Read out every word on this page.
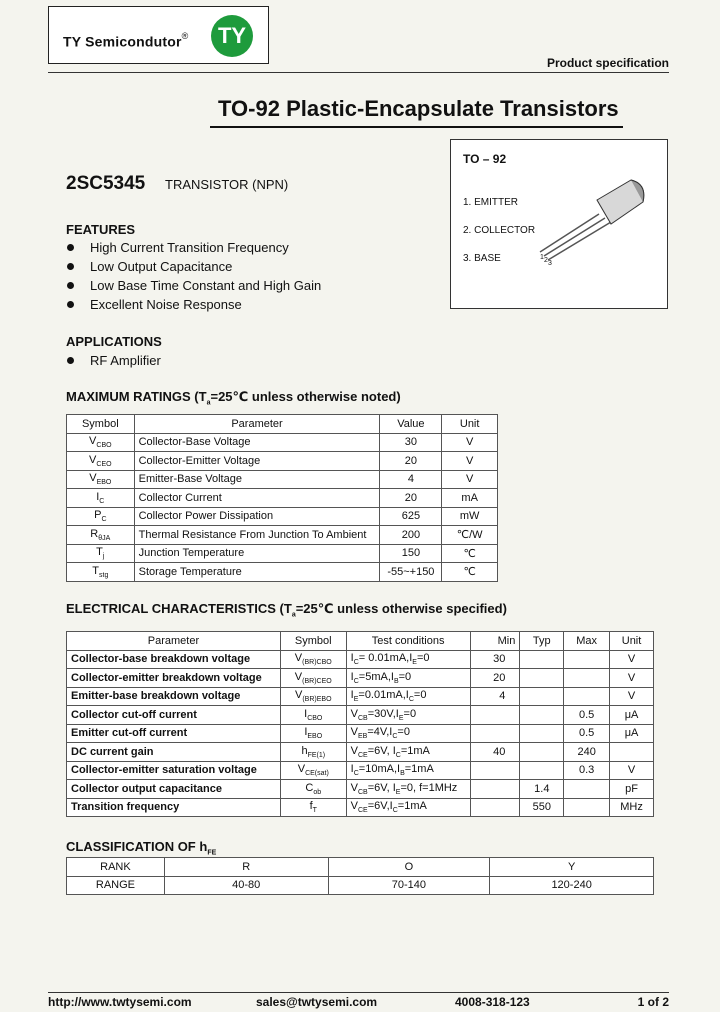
TY Semicondutor®	TY
Product specification
TO-92 Plastic-Encapsulate Transistors
TO – 92
1. EMITTER
2. COLLECTOR
3. BASE	1 2 3
2SC5345 TRANSISTOR (NPN)
FEATURES
High Current Transition Frequency
Low Output Capacitance
Low Base Time Constant and High Gain
Excellent Noise Response
APPLICATIONS
RF Amplifier
MAXIMUM RATINGS ($T_a=25℃$ unless otherwise noted)
Symbol	Parameter	Value	Unit
$V_{CBO}$	Collector-Base Voltage	30	V
$V_{CEO}$	Collector-Emitter Voltage	20	V
$V_{EBO}$	Emitter-Base Voltage	4	V
$I_C$	Collector Current	20	mA
$P_C$	Collector Power Dissipation	625	mW
$R_{\theta JA}$	Thermal Resistance From Junction To Ambient	200	℃/W
$T_j$	Junction Temperature	150	℃
$T_{stg}$	Storage Temperature	-55~+150	℃
ELECTRICAL CHARACTERISTICS ($T_a=25℃$ unless otherwise specified)
Parameter	Symbol	Test conditions	Min	Typ	Max	Unit
Collector-base breakdown voltage	$V_{(BR)CBO}$	$I_C= 0.01mA,I_E=0$	30			V
Collector-emitter breakdown voltage	$V_{(BR)CEO}$	$I_C=5mA,I_B=0$	20			V
Emitter-base breakdown voltage	$V_{(BR)EBO}$	$I_E=0.01mA,I_C=0$	4			V
Collector cut-off current	$I_{CBO}$	$V_{CB}=30V,I_E=0$			0.5	μA
Emitter cut-off current	$I_{EBO}$	$V_{EB}=4V,I_C=0$			0.5	μA
DC current gain	$h_{FE(1)}$	$V_{CE}=6V$, $I_C=1mA$	40		240	
Collector-emitter saturation voltage	$V_{CE(sat)}$	$I_C=10mA,I_B=1mA$			0.3	V
Collector output capacitance	$C_{ob}$	$V_{CB}=6V$, $I_E=0$, f=1MHz		1.4		pF
Transition frequency	$f_T$	$V_{CE}=6V,I_C=1mA$		550		MHz
CLASSIFICATION OF $h_{FE}$
RANK	R	O	Y
RANGE	40-80	70-140	120-240
http://www.twtysemi.com	sales@twtysemi.com	4008-318-123	1 of 2
